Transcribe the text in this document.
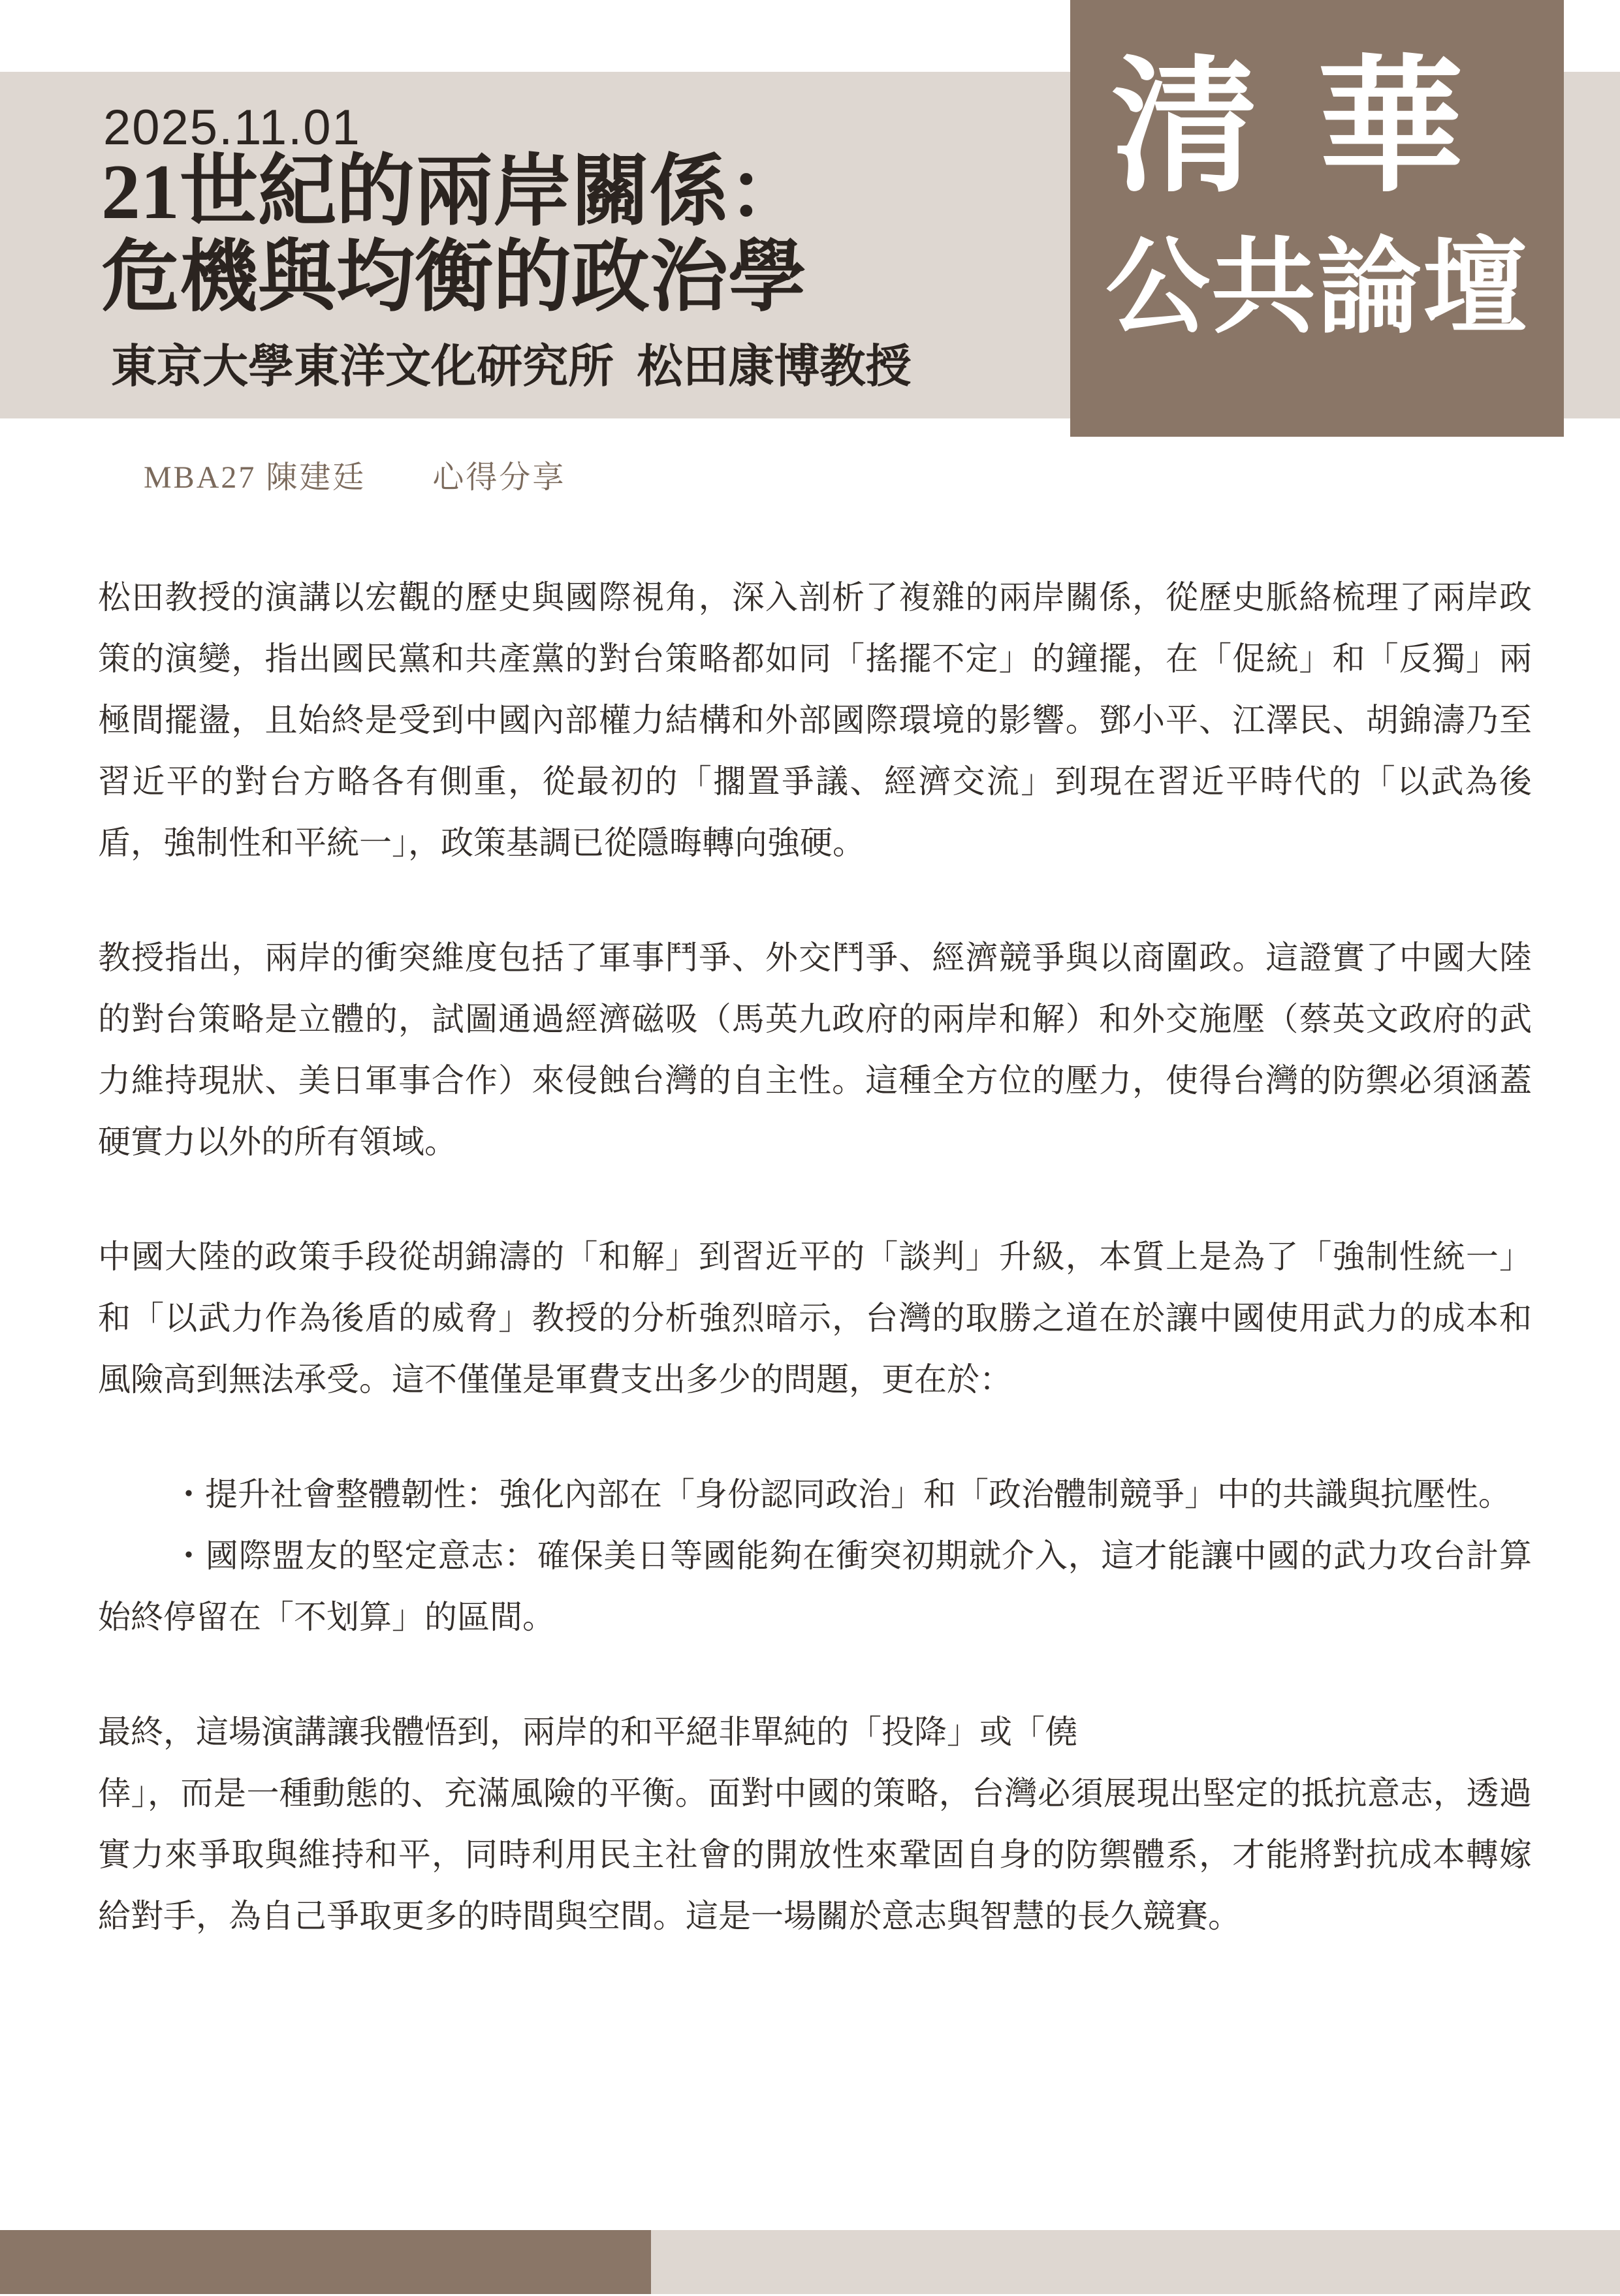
2025.11.01
21世紀的兩岸關係：
危機與均衡的政治學
東京大學東洋文化研究所 松田康博教授
清華
公共論壇
MBA27 陳建廷　　心得分享

松田教授的演講以宏觀的歷史與國際視角，深入剖析了複雜的兩岸關係，從歷史脈絡梳理了兩岸政策的演變，指出國民黨和共產黨的對台策略都如同「搖擺不定」的鐘擺，在「促統」和「反獨」兩極間擺盪，且始終是受到中國內部權力結構和外部國際環境的影響。鄧小平、江澤民、胡錦濤乃至習近平的對台方略各有側重，從最初的「擱置爭議、經濟交流」到現在習近平時代的「以武為後盾，強制性和平統一」，政策基調已從隱晦轉向強硬。

教授指出，兩岸的衝突維度包括了軍事鬥爭、外交鬥爭、經濟競爭與以商圍政。這證實了中國大陸的對台策略是立體的，試圖通過經濟磁吸（馬英九政府的兩岸和解）和外交施壓（蔡英文政府的武力維持現狀、美日軍事合作）來侵蝕台灣的自主性。這種全方位的壓力，使得台灣的防禦必須涵蓋硬實力以外的所有領域。

中國大陸的政策手段從胡錦濤的「和解」到習近平的「談判」升級，本質上是為了「強制性統一」和「以武力作為後盾的威脅」教授的分析強烈暗示，台灣的取勝之道在於讓中國使用武力的成本和風險高到無法承受。這不僅僅是軍費支出多少的問題，更在於：

・提升社會整體韌性：強化內部在「身份認同政治」和「政治體制競爭」中的共識與抗壓性。

・國際盟友的堅定意志：確保美日等國能夠在衝突初期就介入，這才能讓中國的武力攻台計算始終停留在「不划算」的區間。

最終，這場演講讓我體悟到，兩岸的和平絕非單純的「投降」或「僥

倖」，而是一種動態的、充滿風險的平衡。面對中國的策略，台灣必須展現出堅定的抵抗意志，透過實力來爭取與維持和平，同時利用民主社會的開放性來鞏固自身的防禦體系，才能將對抗成本轉嫁給對手，為自己爭取更多的時間與空間。這是一場關於意志與智慧的長久競賽。
